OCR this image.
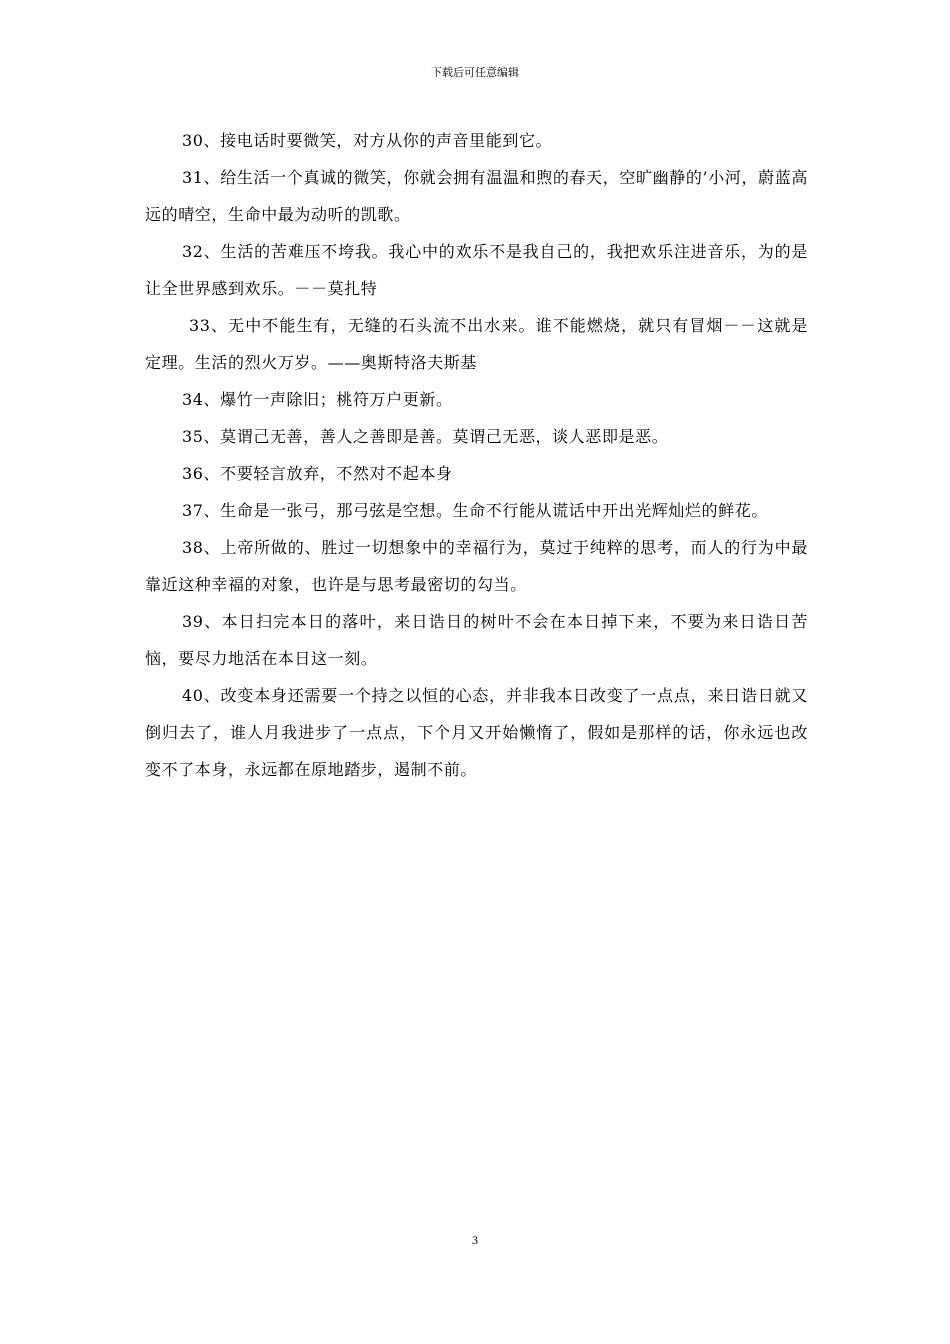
下载后可任意编辑

30、接电话时要微笑，对方从你的声音里能到它。

31、给生活一个真诚的微笑，你就会拥有温温和煦的春天，空旷幽静的’小河，蔚蓝高远的晴空，生命中最为动听的凯歌。

32、生活的苦难压不垮我。我心中的欢乐不是我自己的，我把欢乐注进音乐，为的是让全世界感到欢乐。－－莫扎特

33、无中不能生有，无缝的石头流不出水来。谁不能燃烧，就只有冒烟－－这就是定理。生活的烈火万岁。——奥斯特洛夫斯基

34、爆竹一声除旧；桃符万户更新。

35、莫谓己无善，善人之善即是善。莫谓己无恶，谈人恶即是恶。

36、不要轻言放弃，不然对不起本身

37、生命是一张弓，那弓弦是空想。生命不行能从谎话中开出光辉灿烂的鲜花。

38、上帝所做的、胜过一切想象中的幸福行为，莫过于纯粹的思考，而人的行为中最靠近这种幸福的对象，也许是与思考最密切的勾当。

39、本日扫完本日的落叶，来日诰日的树叶不会在本日掉下来，不要为来日诰日苦恼，要尽力地活在本日这一刻。

40、改变本身还需要一个持之以恒的心态，并非我本日改变了一点点，来日诰日就又倒归去了，谁人月我进步了一点点，下个月又开始懒惰了，假如是那样的话，你永远也改变不了本身，永远都在原地踏步，遏制不前。

3
